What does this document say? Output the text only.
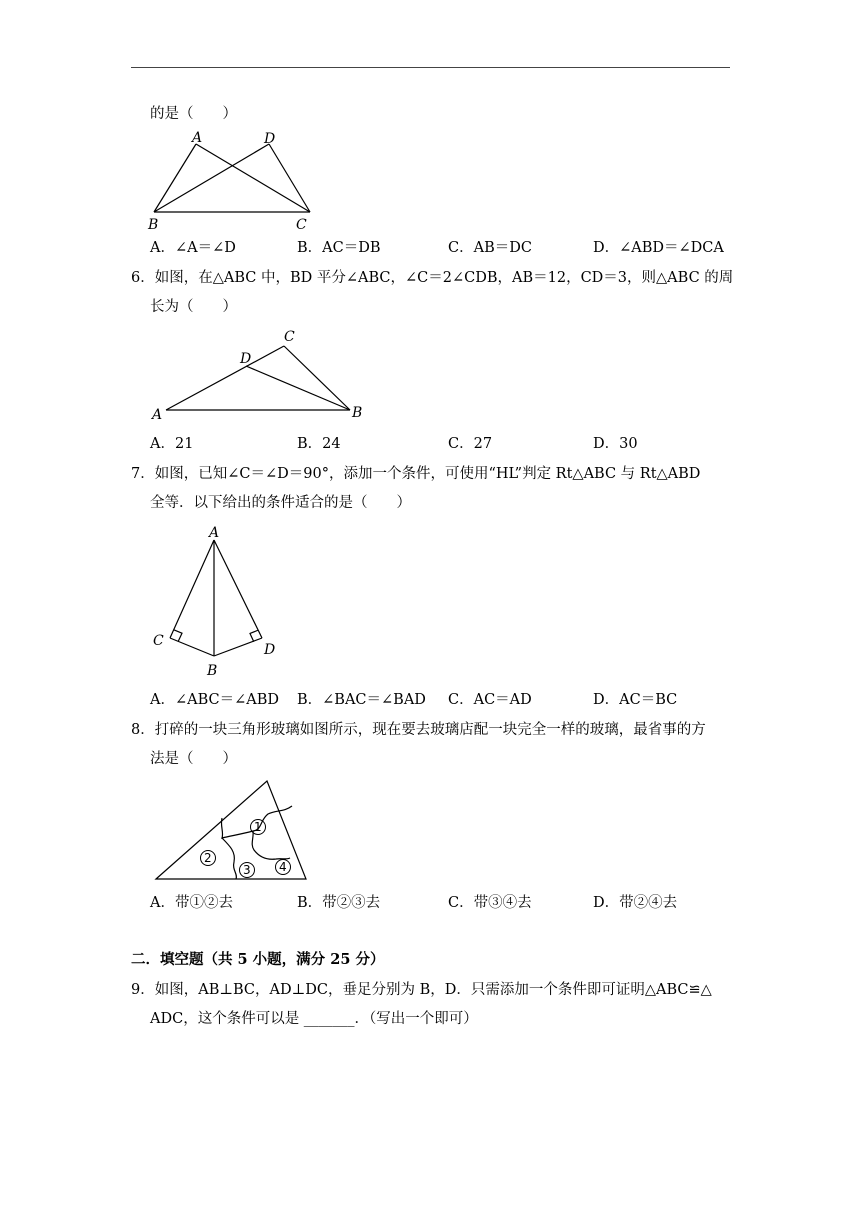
的是（　　）
A	D
B	C
A．∠A＝∠D	B．AC＝DB	C．AB＝DC	D．∠ABD＝∠DCA
6．如图，在△ABC 中，BD 平分∠ABC，∠C＝2∠CDB，AB＝12，CD＝3，则△ABC 的周
长为（　　）
C
D
A	B
A．21	B．24	C．27	D．30
7．如图，已知∠C＝∠D＝90°，添加一个条件，可使用“HL”判定 Rt△ABC 与 Rt△ABD
全等．以下给出的条件适合的是（　　）
A
C
D
B
A．∠ABC＝∠ABD B．∠BAC＝∠BAD C．AC＝AD	D．AC＝BC
8．打碎的一块三角形玻璃如图所示，现在要去玻璃店配一块完全一样的玻璃，最省事的方
法是（　　）
1
2
3 4
A．带①②去	B．带②③去	C．带③④去	D．带②④去
二．填空题（共 5 小题，满分 25 分）
9．如图，AB⊥BC，AD⊥DC，垂足分别为 B，D．只需添加一个条件即可证明△ABC≌△
ADC，这个条件可以是 _______．（写出一个即可）
